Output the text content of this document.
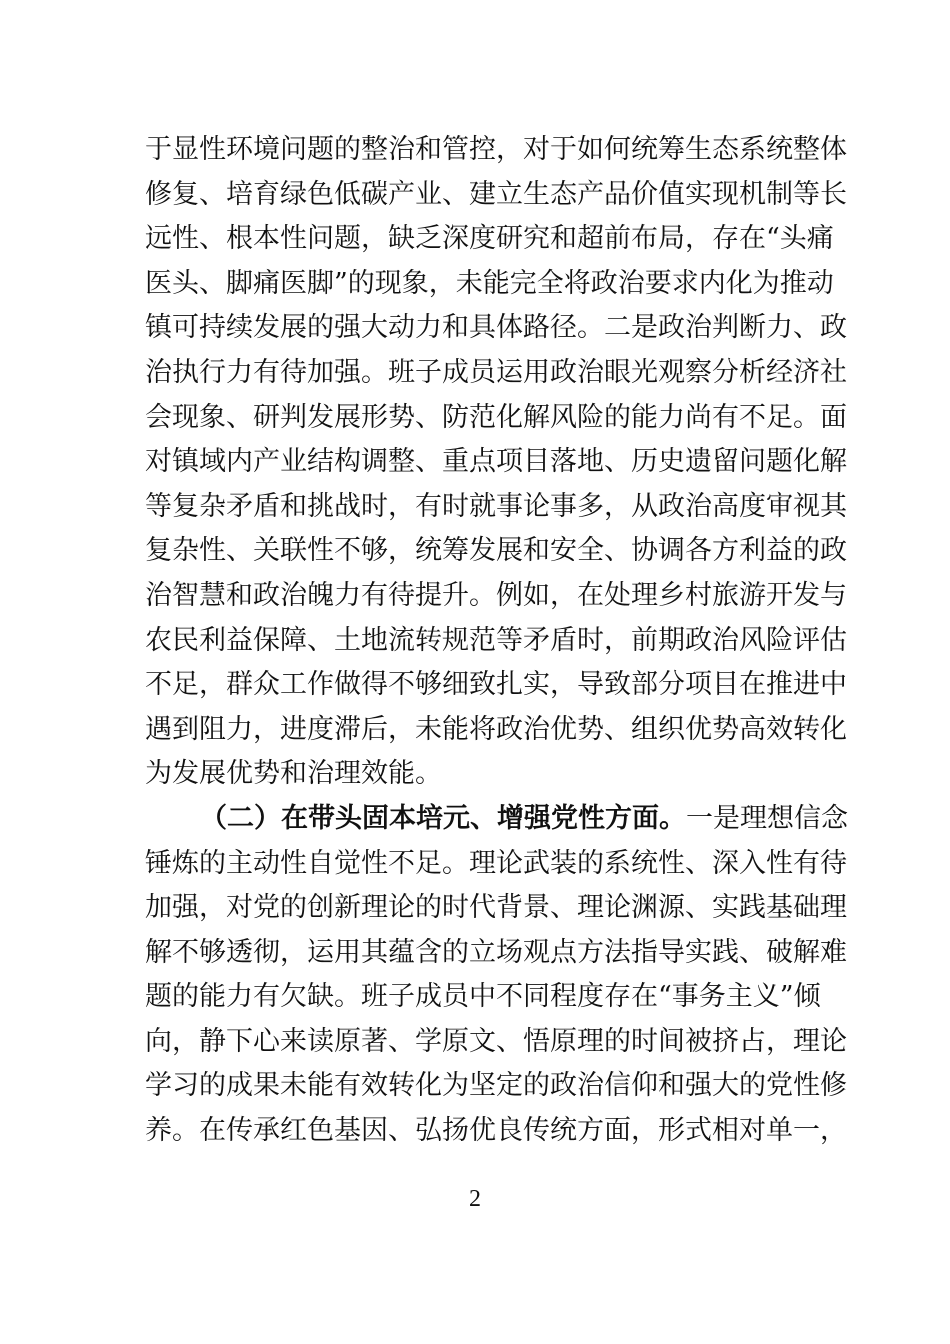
于显性环境问题的整治和管控，对于如何统筹生态系统整体
修复、培育绿色低碳产业、建立生态产品价值实现机制等长
远性、根本性问题，缺乏深度研究和超前布局，存在“头痛
医头、脚痛医脚”的现象，未能完全将政治要求内化为推动
镇可持续发展的强大动力和具体路径。二是政治判断力、政
治执行力有待加强。班子成员运用政治眼光观察分析经济社
会现象、研判发展形势、防范化解风险的能力尚有不足。面
对镇域内产业结构调整、重点项目落地、历史遗留问题化解
等复杂矛盾和挑战时，有时就事论事多，从政治高度审视其
复杂性、关联性不够，统筹发展和安全、协调各方利益的政
治智慧和政治魄力有待提升。例如，在处理乡村旅游开发与
农民利益保障、土地流转规范等矛盾时，前期政治风险评估
不足，群众工作做得不够细致扎实，导致部分项目在推进中
遇到阻力，进度滞后，未能将政治优势、组织优势高效转化
为发展优势和治理效能。
（二）在带头固本培元、增强党性方面。一是理想信念
锤炼的主动性自觉性不足。理论武装的系统性、深入性有待
加强，对党的创新理论的时代背景、理论渊源、实践基础理
解不够透彻，运用其蕴含的立场观点方法指导实践、破解难
题的能力有欠缺。班子成员中不同程度存在“事务主义”倾
向，静下心来读原著、学原文、悟原理的时间被挤占，理论
学习的成果未能有效转化为坚定的政治信仰和强大的党性修
养。在传承红色基因、弘扬优良传统方面，形式相对单一，
2
